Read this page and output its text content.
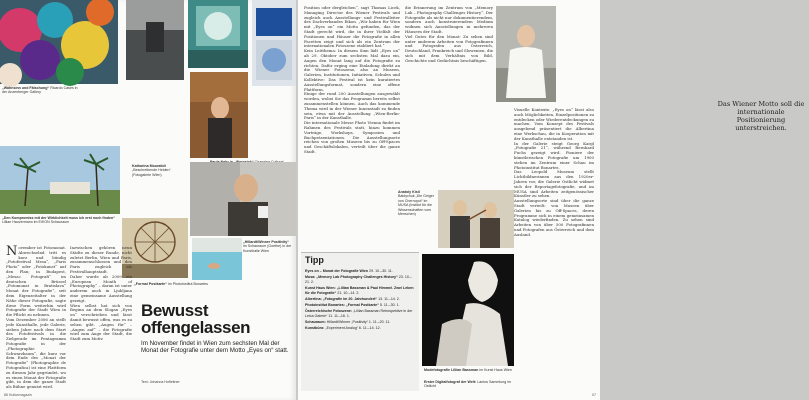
„Wahnsinn und Fälschung“ Ricardo Cases in der Anzenberger Gallery
„Den Kompromiss mit der Wirklichkeit muss ich erst noch finden“ Lillian Hauvermann im EIKON Schauraum
Katharina Mouratidi
„Beschreibende Helden“ (Fotogalerie Wien)
„Formal Postkarte“ im Photoinstitut Bonartes
„Hillardt/Winner Positivity“
im Schauraum (Goethe) in der Kunsthalle Wien

November ist Fotomonat. Abwechselnd tritt es kurz und bündig „Fotofestival Mesa“, „Paris Photo“ oder „Fotokunst“ auf den Plan; in Budapest, „Mesac Fotografi“ im deutschen Brüssel „Fotomonat in Bratislava“ Monat der Fotografie“, seit dem Eigenzeitalter in der Nähe dieser Fotografie, sagte diese Form weiterhin wird Fotografie der Stadt Wien in die Pflicht zu nehmen.

Vom Dezember 2006 an stellt jede Kunsthalle, jede Galerie, sieben Jahre nach dem Start des Fotofestivals in die Zielgerade im Pentagramm Fotografie in der „Photographie Schwarzbaum“, die kurz vor dem Ende des „Monat der Fotografie“ (Photographie de Fotografica) ist eine Plattform zu diesem Jahr gegründet, wo es einen Monat der Fotografie gibt, in dem die ganze Stadt als Bühne genutzt wird.

Inzwischen gehören neun Städte zu dieser Runde, nicht zuletzt Berlin, Wien und Paris, zusammenschlossen und den Paris zugleich als Festivalhauptstadt.

Daher wurde ab 2009 ein „European Month of Photography“ – daran ist unter anderem auch in Ljubljana eine gemeinsame Ausstellung gezeigt.

Wien selbst hat sich von Beginn an dem Slogan „Eyes on“ verschrieben und lässt damit bewusst offen, was es zu sehen gibt. „Augen für“ – „Augen auf“ – die Fotografie wird zum Auge der Stadt, die Stadt zum Motiv.

Bewusst offengelassen
Im November findet in Wien zum sechsten Mal der Monat der Fotografie unter dem Motto „Eyes on“ statt.
Text: Johanna Hofleitner
86 Kulturmagazin

Position oder dergleichen“, sagt Thomas Licek, Managing Director des Wiener Festivals und zugleich auch Ausstellungs- und Festivalleiter des Dachverbandes Eikon. „Wir haben für Wien mit „Eyes on“ ein Motto gefunden, das der Stadt gerecht wird, die in ihrer Vielfalt der Positionen und Häuser die Fotografie in allen Facetten zeigt und sich als ein Zentrum der internationalen Fotoszene etabliert hat.“

Kein Leitthema: In diesem Sinn lädt „Eyes on“ ab 29. Oktober zum sechsten Mal dazu ein, Augen den Monat lang auf die Fotografie zu richten. Dafür erging eine Einladung direkt an die Wiener Fotoszene, also an Museen, Galerien, Institutionen, Initiativen, Schulen und Kollektive: Das Festival ist kein kuratiertes Ausstellungsformat, sondern eine offene Plattform.

Einige der rund 200 Ausstellungen ausgewählt worden, wobei Sie das Programm bereits selbst zusammenstellen können. Auch das kommende Thema wird in der Wiener Innenstadt zu finden sein, etwa mit der Ausstellung „Wien-Berlin-Paris“ in der Kunsthalle.

Die internationale Messe Photo Vienna findet im Rahmen des Festivals statt, hinzu kommen Vorträge, Workshops, Symposien und Buchpräsentationen. Die Ausstellungsorte reichen von großen Museen bis zu Off-Spaces und Geschäftslokalen, verteilt über die ganze Stadt.

die Erinnerung im Zentrum von „Memory Lab – Photography Challenges History“. Der Fotografie als nicht nur dokumentierendem, sondern auch konstruierendem Medium widmen sich Ausstellungen in mehreren Häusern der Stadt.

Viel Gutes für den Monat: Zu sehen sind unter anderem Arbeiten von Fotografinnen und Fotografen aus Österreich, Deutschland, Frankreich und Slowenien, die sich mit dem Verhältnis von Bild, Geschichte und Gedächtnis beschäftigen.

Das Wiener Motto soll die internationale Positionierung unterstreichen.

Visuelle Kontexte. „Eyes on“ lässt also auch Möglichkeiten, Einzelpositionen zu entdecken oder Wiederentdeckungen zu machen. Vom Konzept des Festivals ausgehend präsentiert die Albertina eine Werkschau, die in Kooperation mit der Kunsthalle entstanden ist.

In der Galerie steigt Georg Kargl „Fotografie 21“, während Bernhard Fuchs gezeigt wird. Pioniere der künstlerischen Fotografie um 1900 stehen im Zentrum einer Schau im Photoinstitut Bonartes.

Das Leopold Museum stellt Lichtbildnerinnen aus den 1920er-Jahren vor, die Galerie Ostlicht widmet sich der Reportagefotografie, und im MUSA sind Arbeiten zeitgenössischer Künstler zu sehen.

Ausstellungsorte sind über die ganze Stadt verteilt: von Museen über Galerien bis zu Off-Spaces, deren Programme sich in einem gemeinsamen Katalog wiederfinden. Zu sehen sind Arbeiten von über 500 Fotografinnen und Fotografen aus Österreich und dem Ausland.

Anatoly Kisil
Babiychuk „Die Geiger von Chernopol“ im MUSA (Institut für die Wissenschaften vom Menschen)
Tipp
Eyes on – Monat der Fotografie Wien 29. 10.–30. 11.
Musa: „Memory Lab Photography Challenges History“ 23. 10.–21. 2.
Kunst Haus Wien: „Lillian Bassman & Paul Himmel. Zwei Leben für die Fotografie“ 21. 10.–14. 2.
Albertina: „Fotografie im 20. Jahrhundert“ 13. 11.–14. 2.
Photoinstitut Bonartes: „Formal Postkarte“ 5. 11.–30. 1.
Österreichische Fotoszene: „Lillian Bassman Retrospektive in der Leica Galerie“ 11. 11.–16. 1.
Schauraum: Hillardt/Winner „Positivity“ 1. 11.–20. 11.
Kunstbüro: „Experiment Analog“ 6. 11.–14. 12.
Modefotografie Lillian Bassman im Kunst Haus Wien
Erster Digitalfotograf der Welt: Lantos Sammlung im Ostlicht
07
